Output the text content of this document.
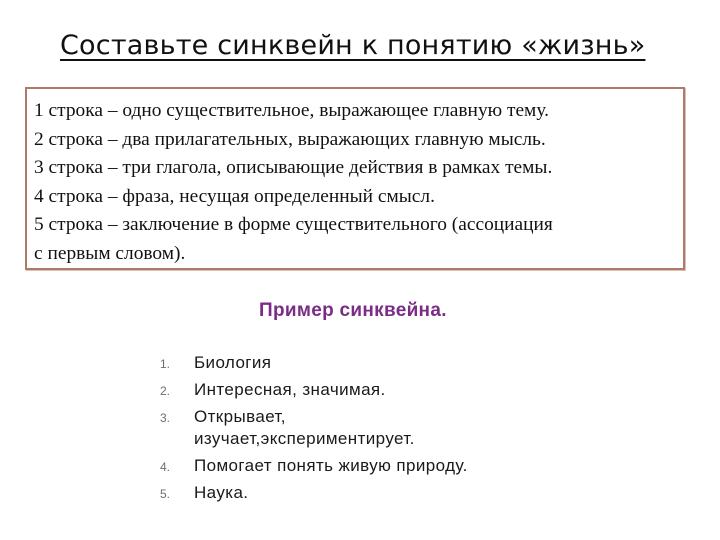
Составьте синквейн к понятию «жизнь»
1 строка – одно существительное, выражающее главную тему.
2 строка – два прилагательных, выражающих главную мысль.
3 строка – три глагола, описывающие действия в рамках темы.
4 строка – фраза, несущая определенный смысл.
5 строка – заключение в форме существительного (ассоциация
с первым словом).
Пример синквейна.
1. Биология
2. Интересная, значимая.
3. Открывает,
изучает,экспериментирует.
4. Помогает понять живую природу.
5. Наука.
